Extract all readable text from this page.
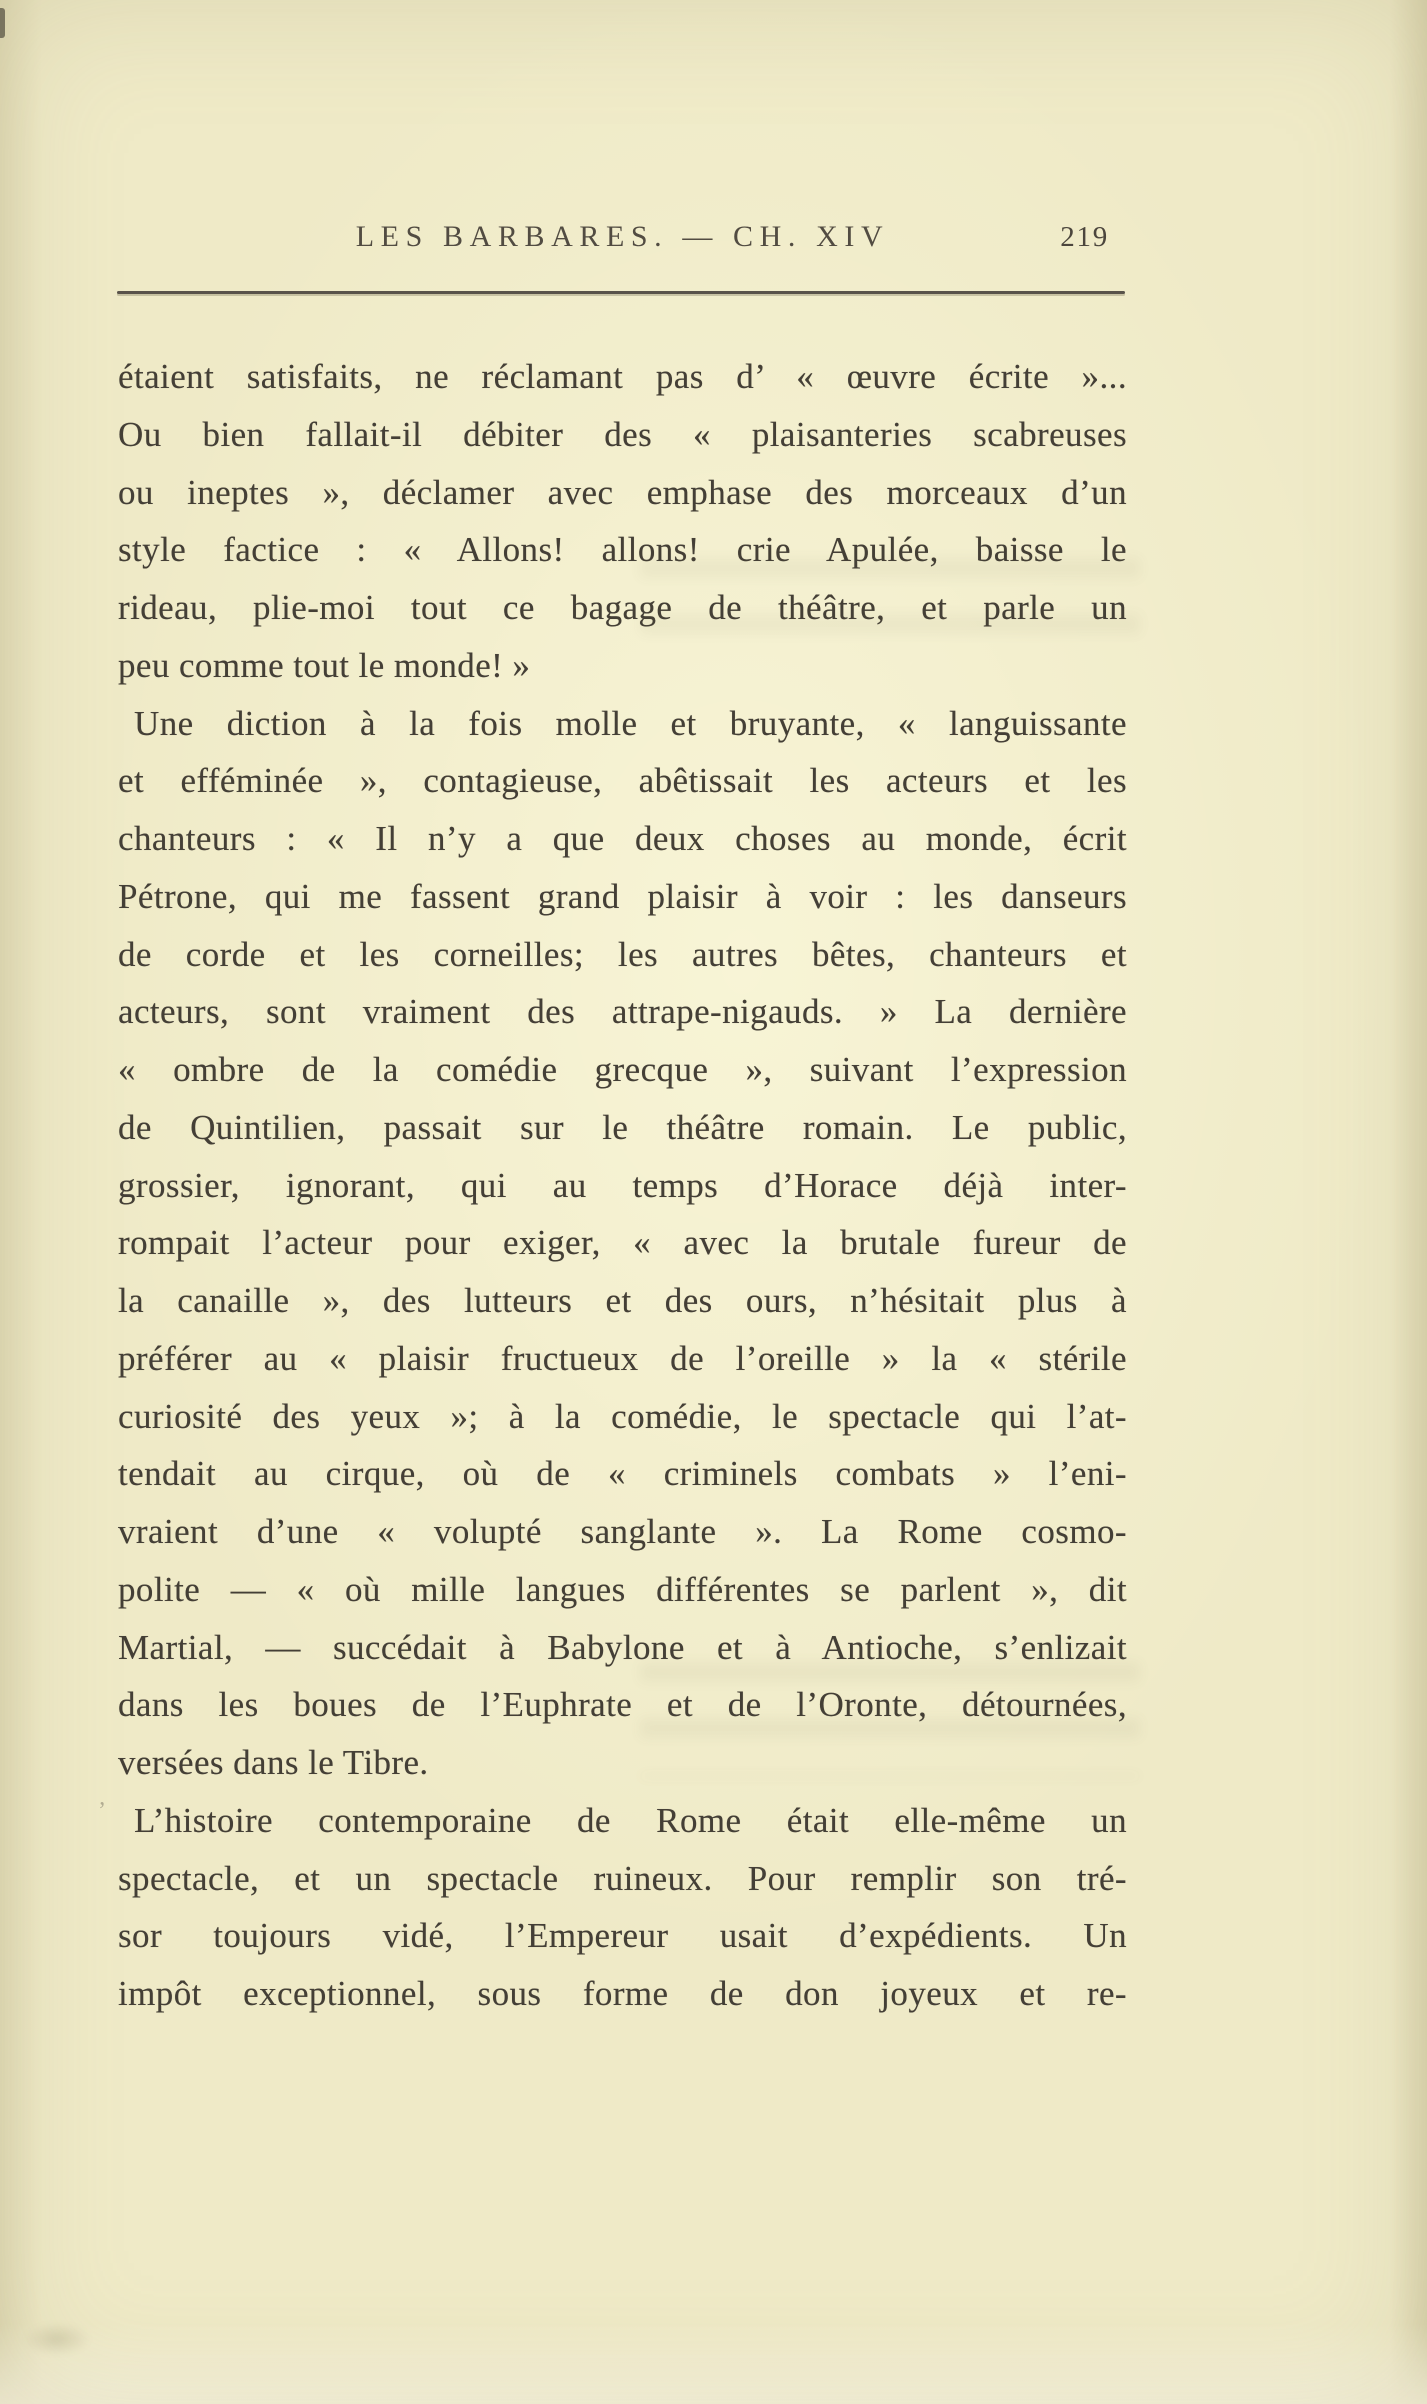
LES BARBARES. — CH. XIV	219
étaient satisfaits, ne réclamant pas d’ « œuvre écrite »...
Ou bien fallait-il débiter des « plaisanteries scabreuses
ou ineptes », déclamer avec emphase des morceaux d’un
style factice : « Allons! allons! crie Apulée, baisse le
rideau, plie-moi tout ce bagage de théâtre, et parle un
peu comme tout le monde! »
Une diction à la fois molle et bruyante, « languissante
et efféminée », contagieuse, abêtissait les acteurs et les
chanteurs : « Il n’y a que deux choses au monde, écrit
Pétrone, qui me fassent grand plaisir à voir : les danseurs
de corde et les corneilles; les autres bêtes, chanteurs et
acteurs, sont vraiment des attrape-nigauds. » La dernière
« ombre de la comédie grecque », suivant l’expression
de Quintilien, passait sur le théâtre romain. Le public,
grossier, ignorant, qui au temps d’Horace déjà inter-
rompait l’acteur pour exiger, « avec la brutale fureur de
la canaille », des lutteurs et des ours, n’hésitait plus à
préférer au « plaisir fructueux de l’oreille » la « stérile
curiosité des yeux »; à la comédie, le spectacle qui l’at-
tendait au cirque, où de « criminels combats » l’eni-
vraient d’une « volupté sanglante ». La Rome cosmo-
polite — « où mille langues différentes se parlent », dit
Martial, — succédait à Babylone et à Antioche, s’enlizait
dans les boues de l’Euphrate et de l’Oronte, détournées,
versées dans le Tibre.
L’histoire contemporaine de Rome était elle-même un
spectacle, et un spectacle ruineux. Pour remplir son tré-
sor toujours vidé, l’Empereur usait d’expédients. Un
impôt exceptionnel, sous forme de don joyeux et re-
’
